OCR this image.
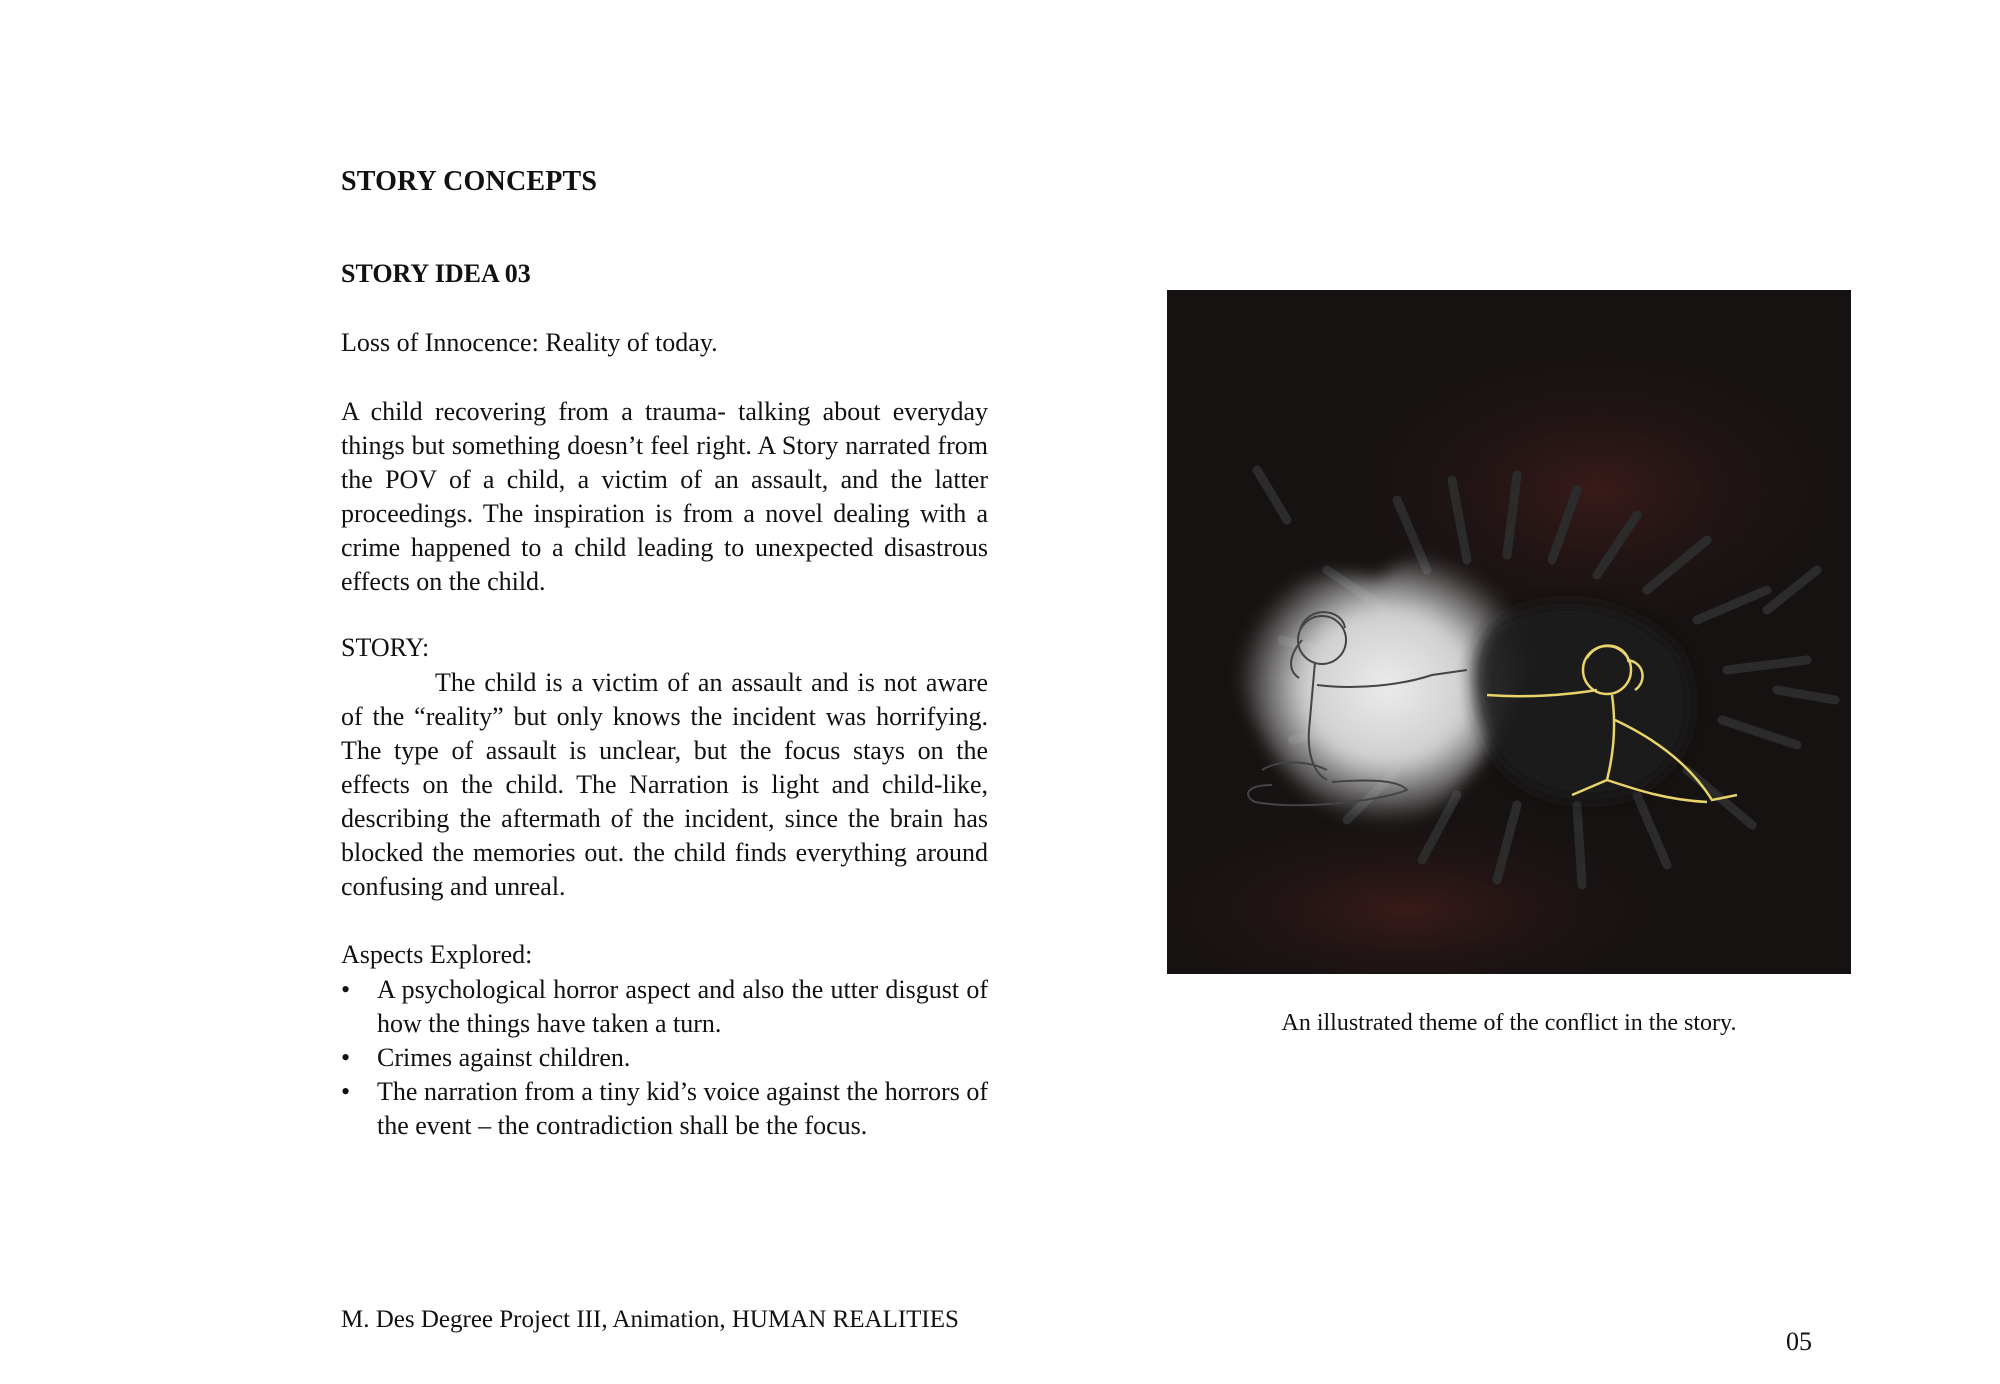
STORY CONCEPTS
STORY IDEA 03
Loss of Innocence: Reality of today.
A child recovering from a trauma- talking about everyday things but something doesn’t feel right. A Story narrated from the POV of a child, a victim of an assault, and the latter proceedings. The inspiration is from a novel dealing with a crime happened to a child leading to unexpected disastrous effects on the child.
STORY:
The child is a victim of an assault and is not aware of the “reality” but only knows the incident was horrifying. The type of assault is unclear, but the focus stays on the effects on the child. The Narration is light and child-like, describing the aftermath of the incident, since the brain has blocked the memories out. the child finds everything around confusing and unreal.
Aspects Explored:
• A psychological horror aspect and also the utter disgust of how the things have taken a turn.
• Crimes against children.
• The narration from a tiny kid’s voice against the horrors of the event – the contradiction shall be the focus.
An illustrated theme of the conflict in the story.
M. Des Degree Project III, Animation, HUMAN REALITIES
05
